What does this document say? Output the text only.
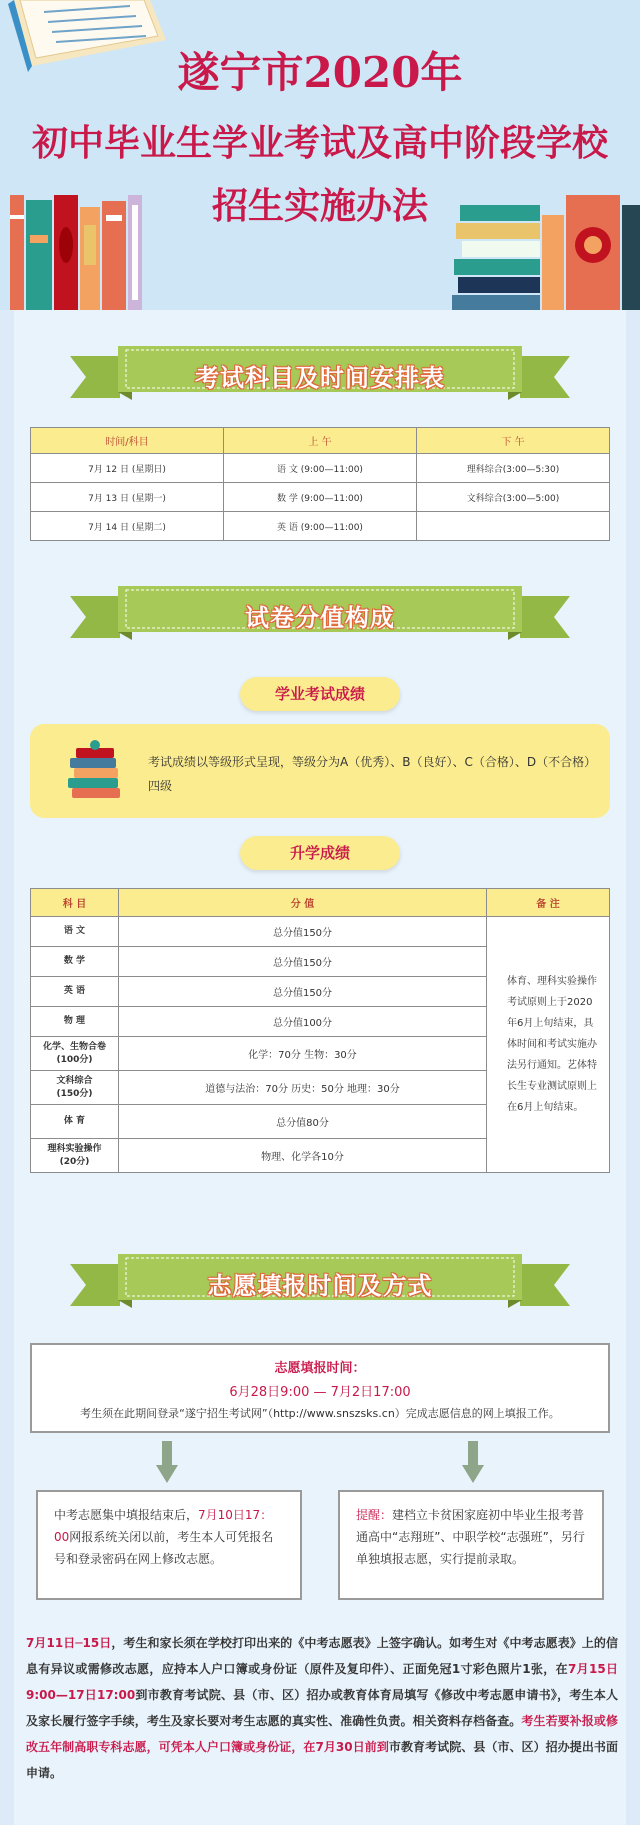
遂宁市2020年
初中毕业生学业考试及高中阶段学校
招生实施办法
考试科目及时间安排表
时间/科目	上 午	下 午
7月 12 日 (星期日)	语 文 (9:00—11:00)	理科综合(3:00—5:30)
7月 13 日 (星期一)	数 学 (9:00—11:00)	文科综合(3:00—5:00)
7月 14 日 (星期二)	英 语 (9:00—11:00)	
试卷分值构成
学业考试成绩
考试成绩以等级形式呈现，等级分为A（优秀）、B（良好）、C（合格）、D（不合格）四级
升学成绩
科 目	分 值	备 注
语 文	总分值150分	体育、理科实验操作考试原则上于2020年6月上旬结束，具体时间和考试实施办法另行通知。艺体特长生专业测试原则上在6月上旬结束。
数 学	总分值150分	
英 语	总分值150分	
物 理	总分值100分	
化学、生物合卷
(100分)	化学：70分 生物：30分	
文科综合
(150分)	道德与法治：70分 历史：50分 地理：30分	
体 育	总分值80分	
理科实验操作
(20分)	物理、化学各10分	
志愿填报时间及方式
志愿填报时间：
6月28日9:00 — 7月2日17:00
考生须在此期间登录“遂宁招生考试网”（http://www.snszsks.cn）完成志愿信息的网上填报工作。
中考志愿集中填报结束后，7月10日17：00网报系统关闭以前，考生本人可凭报名号和登录密码在网上修改志愿。
提醒：建档立卡贫困家庭初中毕业生报考普通高中“志翔班”、中职学校“志强班”，另行单独填报志愿，实行提前录取。
7月11日─15日，考生和家长须在学校打印出来的《中考志愿表》上签字确认。如考生对《中考志愿表》上的信息有异议或需修改志愿，应持本人户口簿或身份证（原件及复印件）、正面免冠1寸彩色照片1张，在7月15日9:00—17日17:00到市教育考试院、县（市、区）招办或教育体育局填写《修改中考志愿申请书》，考生本人及家长履行签字手续，考生及家长要对考生志愿的真实性、准确性负责。相关资料存档备查。考生若要补报或修改五年制高职专科志愿，可凭本人户口簿或身份证，在7月30日前到市教育考试院、县（市、区）招办提出书面申请。
